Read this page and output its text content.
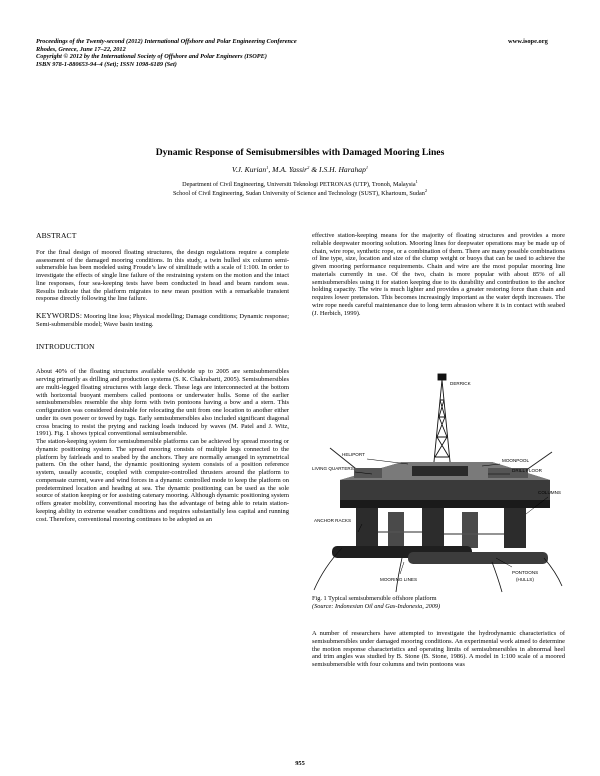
Proceedings of the Twenty-second (2012) International Offshore and Polar Engineering Conference
Rhodes, Greece, June 17–22, 2012
Copyright © 2012 by the International Society of Offshore and Polar Engineers (ISOPE)
ISBN 978-1-880653-94–4 (Set); ISSN 1098-6189 (Set)
www.isope.org
Dynamic Response of Semisubmersibles with Damaged Mooring Lines
V.J. Kurian$^1$, M.A. Yassir$^2$ & I.S.H. Harahap$^1$
Department of Civil Engineering, Universiti Teknologi PETRONAS (UTP), Tronoh, Malaysia$^1$
School of Civil Engineering, Sudan University of Science and Technology (SUST), Khartoum, Sudan$^2$
ABSTRACT

For the final design of moored floating structures, the design regulations require a complete assessment of the damaged mooring conditions. In this study, a twin hulled six column semi-submersible has been modeled using Froude’s law of similitude with a scale of 1:100. In order to investigate the effects of single line failure of the restraining system on the motion and the intact line responses, four sea-keeping tests have been conducted in head and beam random seas. Results indicate that the platform migrates to new mean position with a remarkable transient response directly following the line failure.

KEYWORDS: Mooring line loss; Physical modelling; Damage conditions; Dynamic response; Semi-submersible model; Wave basin testing.

INTRODUCTION

About 40% of the floating structures available worldwide up to 2005 are semisubmersibles serving primarily as drilling and production systems (S. K. Chakrabarti, 2005). Semisubmersibles are multi-legged floating structures with large deck. These legs are interconnected at the bottom with horizontal buoyant members called pontoons or underwater hulls. Some of the earlier semisubmersibles resemble the ship form with twin pontoons having a bow and a stern. This configuration was considered desirable for relocating the unit from one location to another either under its own power or towed by tugs. Early semisubmersibles also included significant diagonal cross bracing to resist the prying and racking loads induced by waves (M. Patel and J. Witz, 1991). Fig. 1 shows typical conventional semisubmersible.

The station-keeping system for semisubmersible platforms can be achieved by spread mooring or dynamic positioning system. The spread mooring consists of multiple legs connected to the platform by fairleads and to seabed by the anchors. They are normally arranged in symmetrical pattern. On the other hand, the dynamic positioning system consists of a position reference system, usually acoustic, coupled with computer-controlled thrusters around the platform to compensate current, wave and wind forces in a dynamic controlled mode to keep the platform on predetermined location and heading at sea. The dynamic positioning can be used as the sole source of station keeping or for assisting catenary mooring. Although dynamic positioning system offers greater mobility, conventional mooring has the advantage of being able to retain station-keeping ability in extreme weather conditions and requires substantially less capital and running cost. Therefore, conventional mooring continues to be adopted as an

effective station-keeping means for the majority of floating structures and provides a more reliable deepwater mooring solution. Mooring lines for deepwater operations may be made up of chain, wire rope, synthetic rope, or a combination of them. There are many possible combinations of line type, size, location and size of the clump weight or buoys that can be used to achieve the given mooring performance requirements. Chain and wire are the most popular mooring line materials currently in use. Of the two, chain is more popular with about 85% of all semisubmersibles using it for station keeping due to its durability and contribution to the anchor holding capacity. The wire is much lighter and provides a greater restoring force than chain and requires lower pretension. This becomes increasingly important as the water depth increases. The wire rope needs careful maintenance due to long term abrasion where it is in contact with seabed (J. Herbich, 1999).

DERRICK
HELIPORT
LIVING QUARTERS
MOONPOOL
DRILL FLOOR
COLUMNS
ANCHOR RACKS
PONTOONS
(HULLS)
MOORING LINES
Fig. 1 Typical semisubmersible offshore platform
(Source: Indonesian Oil and Gas-Indonesia, 2009)

A number of researchers have attempted to investigate the hydrodynamic characteristics of semisubmersibles under damaged mooring conditions. An experimental work aimed to determine the motion response characteristics and operating limits of semisubmersibles in abnormal heel and trim angles was studied by B. Stone (B. Stone, 1986). A model in 1:100 scale of a moored semisubmersible with four columns and twin pontoons was

955
